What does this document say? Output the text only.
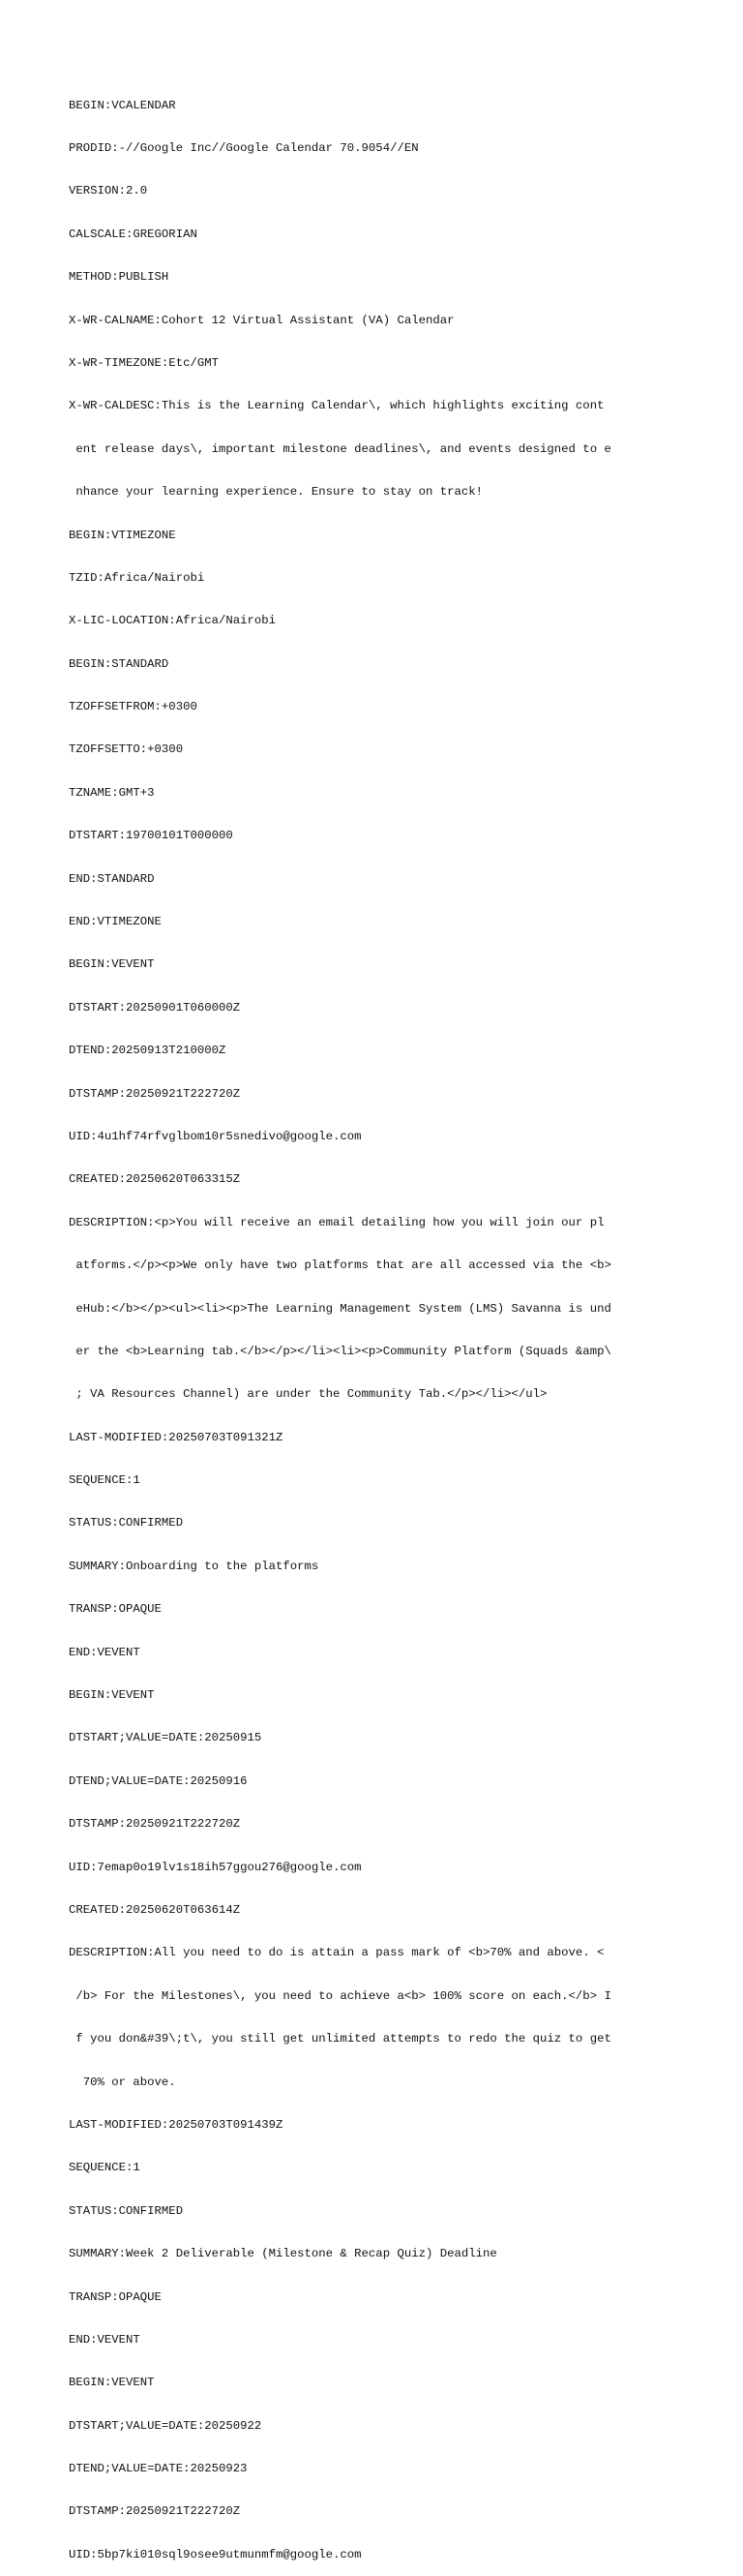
BEGIN:VCALENDAR

PRODID:-//Google Inc//Google Calendar 70.9054//EN

VERSION:2.0

CALSCALE:GREGORIAN

METHOD:PUBLISH

X-WR-CALNAME:Cohort 12 Virtual Assistant (VA) Calendar

X-WR-TIMEZONE:Etc/GMT

X-WR-CALDESC:This is the Learning Calendar\, which highlights exciting cont

ent release days\, important milestone deadlines\, and events designed to e

nhance your learning experience. Ensure to stay on track!

BEGIN:VTIMEZONE

TZID:Africa/Nairobi

X-LIC-LOCATION:Africa/Nairobi

BEGIN:STANDARD

TZOFFSETFROM:+0300

TZOFFSETTO:+0300

TZNAME:GMT+3

DTSTART:19700101T000000

END:STANDARD

END:VTIMEZONE

BEGIN:VEVENT

DTSTART:20250901T060000Z

DTEND:20250913T210000Z

DTSTAMP:20250921T222720Z

UID:4u1hf74rfvglbom10r5snedivo@google.com

CREATED:20250620T063315Z

DESCRIPTION:<p>You will receive an email detailing how you will join our pl

atforms.</p><p>We only have two platforms that are all accessed via the <b>

eHub:</b></p><ul><li><p>The Learning Management System (LMS) Savanna is und

er the <b>Learning tab.</b></p></li><li><p>Community Platform (Squads &amp\

; VA Resources Channel) are under the Community Tab.</p></li></ul>

LAST-MODIFIED:20250703T091321Z

SEQUENCE:1

STATUS:CONFIRMED

SUMMARY:Onboarding to the platforms

TRANSP:OPAQUE

END:VEVENT

BEGIN:VEVENT

DTSTART;VALUE=DATE:20250915

DTEND;VALUE=DATE:20250916

DTSTAMP:20250921T222720Z

UID:7emap0o19lv1s18ih57ggou276@google.com

CREATED:20250620T063614Z

DESCRIPTION:All you need to do is attain a pass mark of <b>70% and above. <

/b> For the Milestones\, you need to achieve a<b> 100% score on each.</b> I

f you don&#39\;t\, you still get unlimited attempts to redo the quiz to get

70% or above.

LAST-MODIFIED:20250703T091439Z

SEQUENCE:1

STATUS:CONFIRMED

SUMMARY:Week 2 Deliverable (Milestone & Recap Quiz) Deadline

TRANSP:OPAQUE

END:VEVENT

BEGIN:VEVENT

DTSTART;VALUE=DATE:20250922

DTEND;VALUE=DATE:20250923

DTSTAMP:20250921T222720Z

UID:5bp7ki010sql9osee9utmunmfm@google.com
